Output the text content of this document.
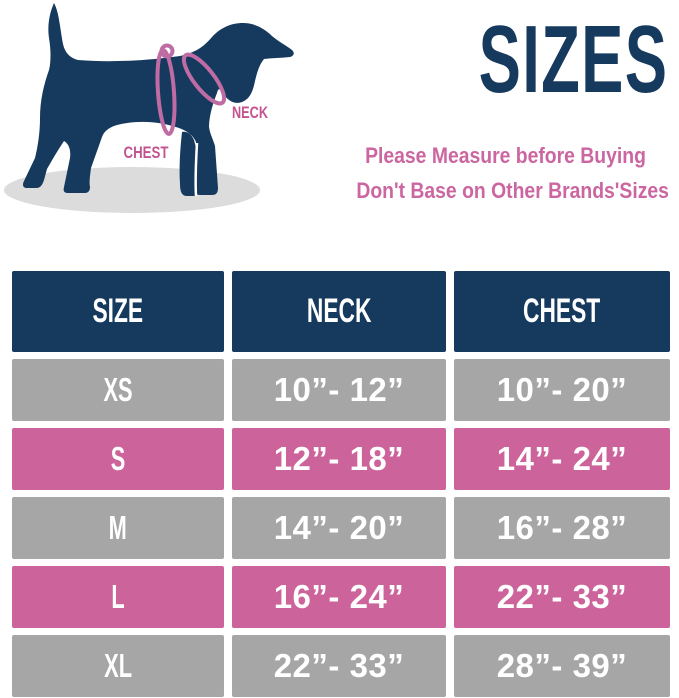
NECK
CHEST
SIZES
Please Measure before Buying
Don't Base on Other Brands'Sizes
SIZE	NECK	CHEST
XS	10”- 12”	10”- 20”
S	12”- 18”	14”- 24”
M	14”- 20”	16”- 28”
L	16”- 24”	22”- 33”
XL	22”- 33”	28”- 39”
